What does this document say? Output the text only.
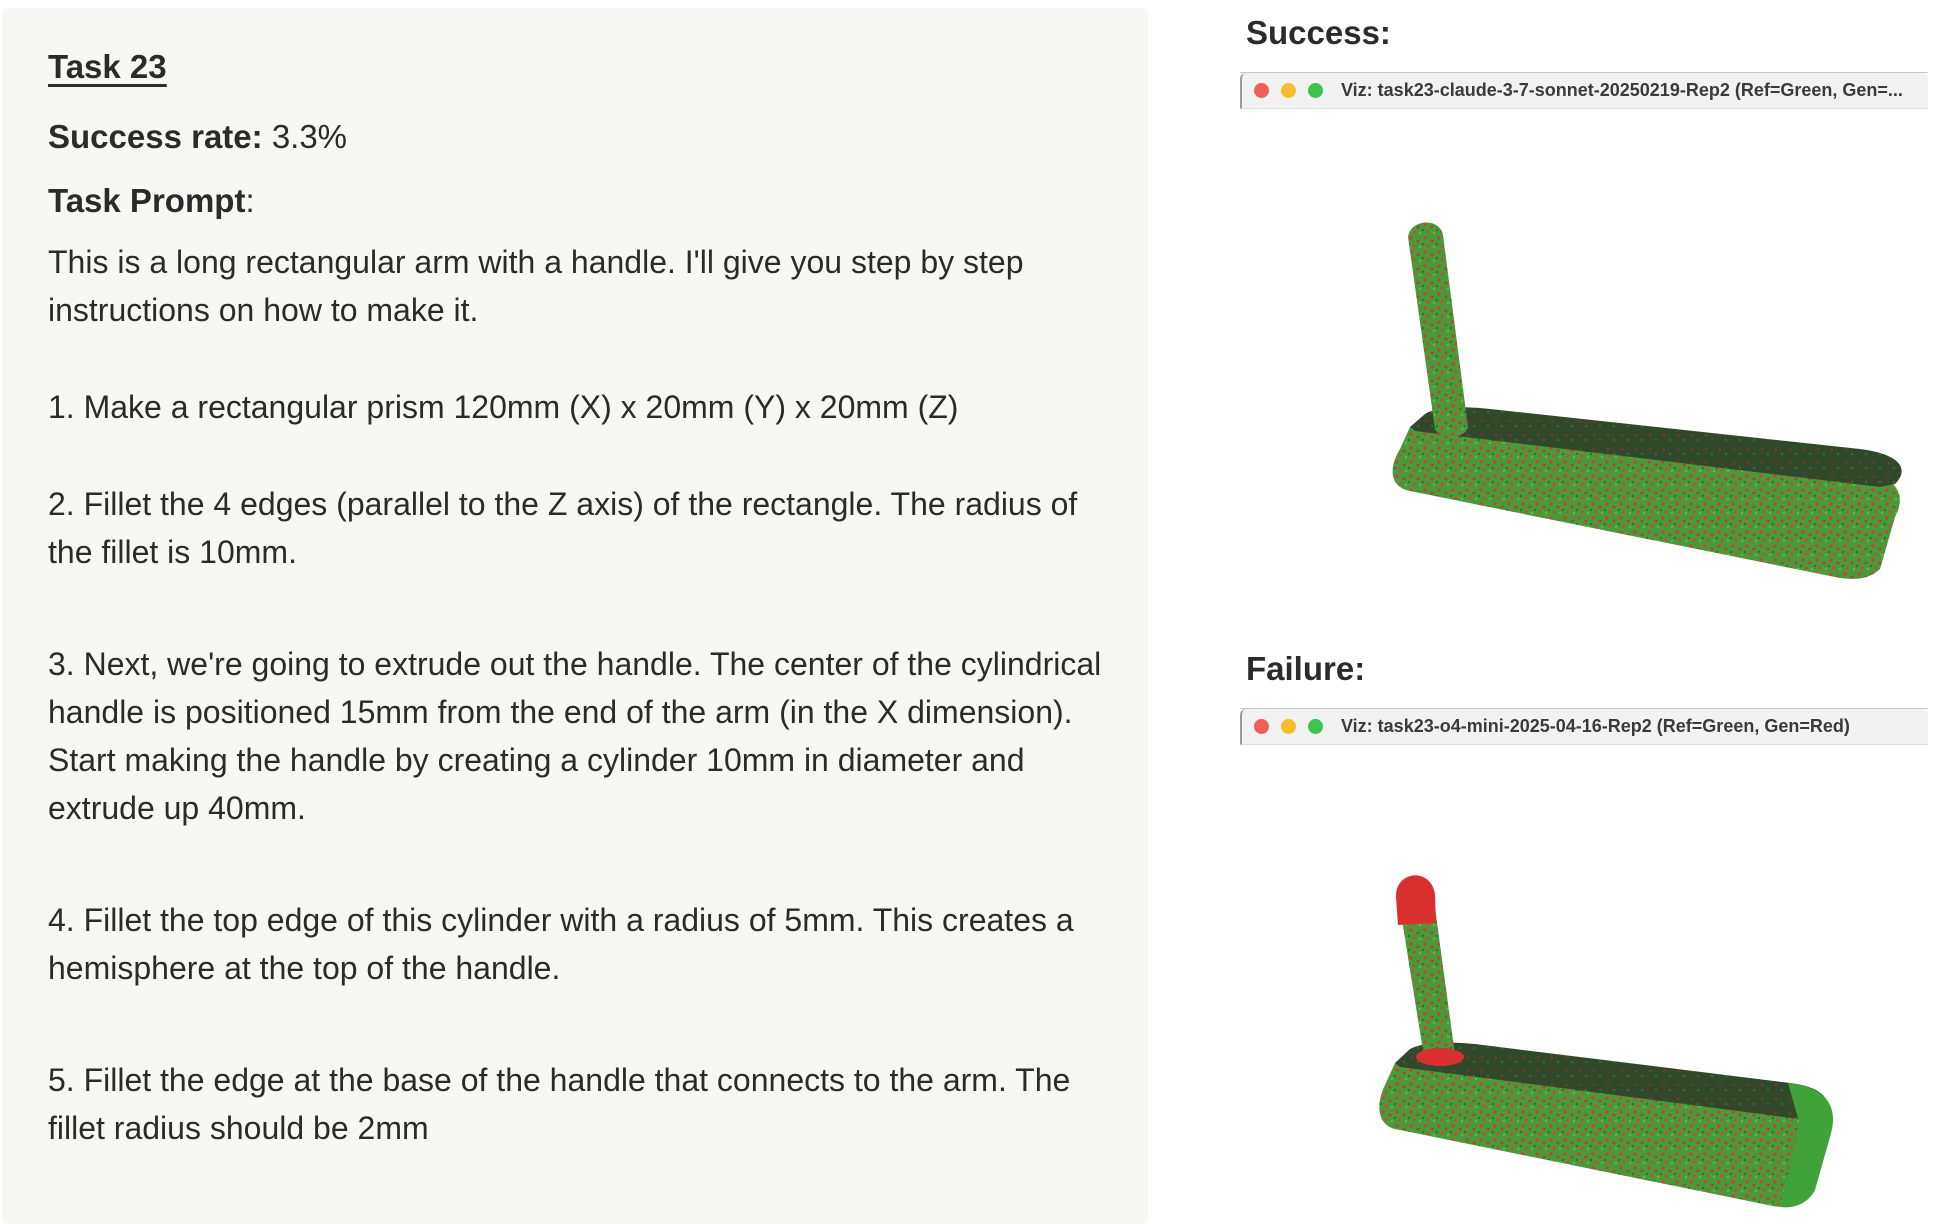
Task 23
Success rate: 3.3%
Task Prompt:
This is a long rectangular arm with a handle. I'll give you step by step instructions on how to make it.
1. Make a rectangular prism 120mm (X) x 20mm (Y) x 20mm (Z)
2. Fillet the 4 edges (parallel to the Z axis) of the rectangle. The radius of the fillet is 10mm.
3. Next, we're going to extrude out the handle. The center of the cylindrical handle is positioned 15mm from the end of the arm (in the X dimension). Start making the handle by creating a cylinder 10mm in diameter and extrude up 40mm.
4. Fillet the top edge of this cylinder with a radius of 5mm. This creates a hemisphere at the top of the handle.
5. Fillet the edge at the base of the handle that connects to the arm. The fillet radius should be 2mm
Success:
Viz: task23-claude-3-7-sonnet-20250219-Rep2 (Ref=Green, Gen=...
Failure:
Viz: task23-o4-mini-2025-04-16-Rep2 (Ref=Green, Gen=Red)
